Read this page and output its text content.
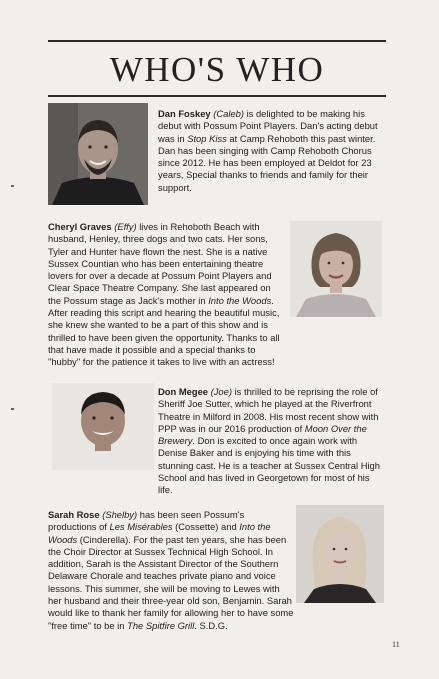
WHO'S WHO
Dan Foskey (Caleb) is delighted to be making his debut with Possum Point Players. Dan's acting debut was in Stop Kiss at Camp Rehoboth this past winter. Dan has been singing with Camp Rehoboth Chorus since 2012. He has been employed at Deldot for 23 years, Special thanks to friends and family for their support.
Cheryl Graves (Effy) lives in Rehoboth Beach with husband, Henley, three dogs and two cats. Her sons, Tyler and Hunter have flown the nest. She is a native Sussex Countian who has been entertaining theatre lovers for over a decade at Possum Point Players and Clear Space Theatre Company. She last appeared on the Possum stage as Jack's mother in Into the Woods. After reading this script and hearing the beautiful music, she knew she wanted to be a part of this show and is thrilled to have been given the opportunity. Thanks to all that have made it possible and a special thanks to "hubby" for the patience it takes to live with an actress!
Don Megee (Joe) is thrilled to be reprising the role of Sheriff Joe Sutter, which he played at the Riverfront Theatre in Milford in 2008. His most recent show with PPP was in our 2016 production of Moon Over the Brewery. Don is excited to once again work with Denise Baker and is enjoying his time with this stunning cast. He is a teacher at Sussex Central High School and has lived in Georgetown for most of his life.
Sarah Rose (Shelby) has been seen Possum's productions of Les Misérables (Cossette) and Into the Woods (Cinderella). For the past ten years, she has been the Choir Director at Sussex Technical High School. In addition, Sarah is the Assistant Director of the Southern Delaware Chorale and teaches private piano and voice lessons. This summer, she will be moving to Lewes with her husband and their three-year old son, Benjamin. Sarah would like to thank her family for allowing her to have some "free time" to be in The Spitfire Grill. S.D.G.
11
